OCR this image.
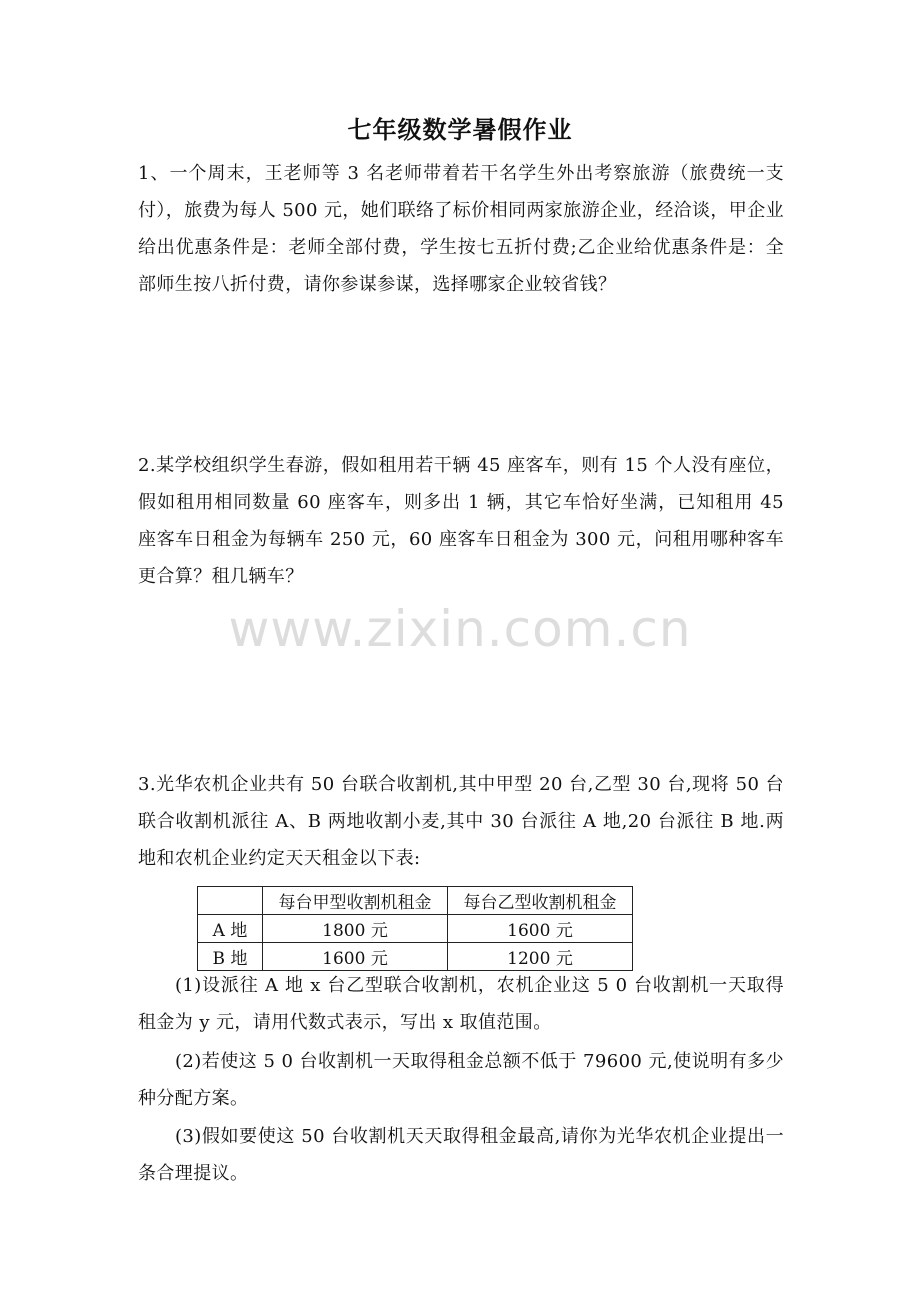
七年级数学暑假作业
1、一个周末，王老师等 3 名老师带着若干名学生外出考察旅游（旅费统一支付），旅费为每人 500 元，她们联络了标价相同两家旅游企业，经洽谈，甲企业给出优惠条件是：老师全部付费，学生按七五折付费;乙企业给优惠条件是：全部师生按八折付费，请你参谋参谋，选择哪家企业较省钱？
2.某学校组织学生春游，假如租用若干辆 45 座客车，则有 15 个人没有座位，假如租用相同数量 60 座客车，则多出 1 辆，其它车恰好坐满，已知租用 45 座客车日租金为每辆车 250 元，60 座客车日租金为 300 元，问租用哪种客车更合算？租几辆车？
3.光华农机企业共有 50 台联合收割机,其中甲型 20 台,乙型 30 台,现将 50 台联合收割机派往 A、B 两地收割小麦,其中 30 台派往 A 地,20 台派往 B 地.两地和农机企业约定天天租金以下表:
	每台甲型收割机租金	每台乙型收割机租金
A 地	1800 元	1600 元
B 地	1600 元	1200 元
(1)设派往 A 地 x 台乙型联合收割机，农机企业这 5 0 台收割机一天取得租金为 y 元，请用代数式表示，写出 x 取值范围。
(2)若使这 5 0 台收割机一天取得租金总额不低于 79600 元,使说明有多少种分配方案。
(3)假如要使这 50 台收割机天天取得租金最高,请你为光华农机企业提出一条合理提议。
www.zixin.com.cn
